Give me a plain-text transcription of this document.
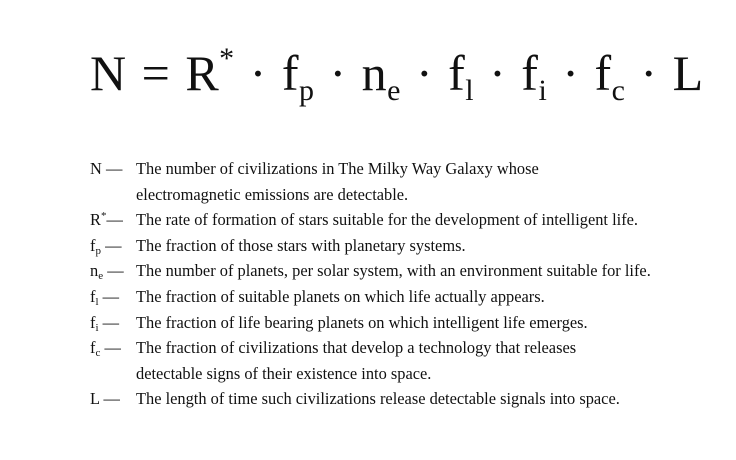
$N = R^* \cdot f_p \cdot n_e \cdot f_l \cdot f_i \cdot f_c \cdot L$
N — The number of civilizations in The Milky Way Galaxy whose
electromagnetic emissions are detectable.
R*— The rate of formation of stars suitable for the development of intelligent life.
fp — The fraction of those stars with planetary systems.
ne — The number of planets, per solar system, with an environment suitable for life.
fl —	The fraction of suitable planets on which life actually appears.
fi —	The fraction of life bearing planets on which intelligent life emerges.
fc — The fraction of civilizations that develop a technology that releases
detectable signs of their existence into space.
L — The length of time such civilizations release detectable signals into space.
